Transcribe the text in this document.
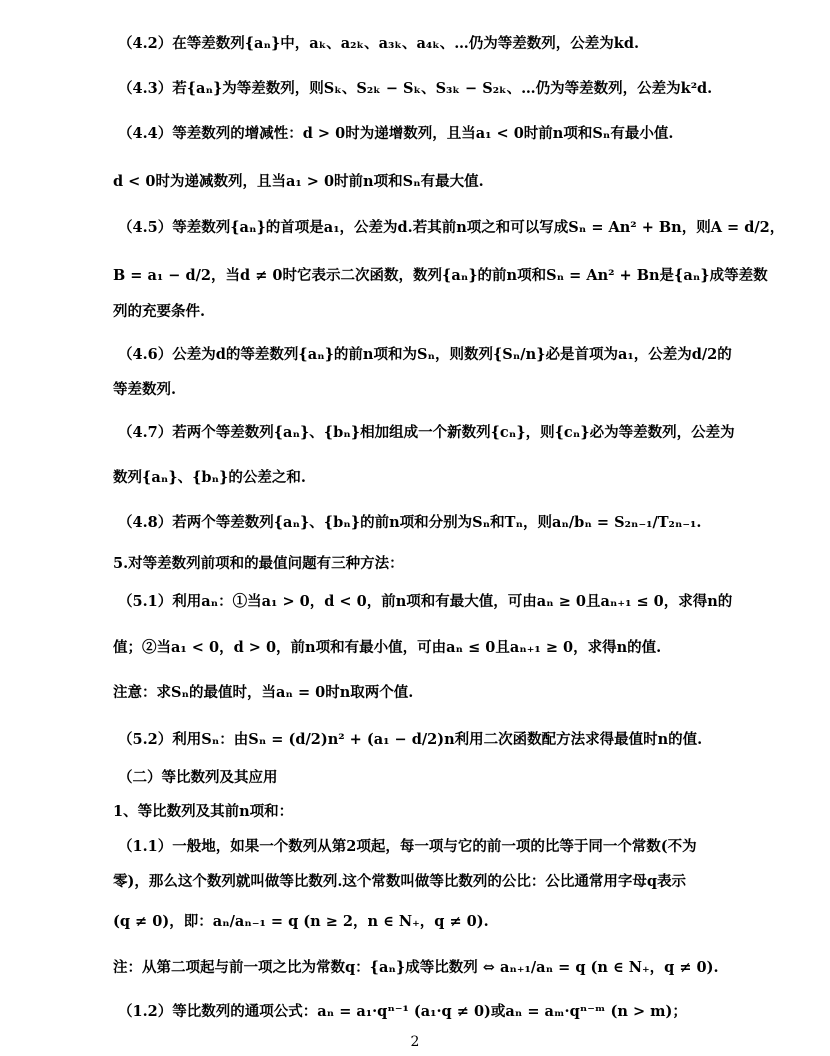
（4.2）在等差数列{aₙ}中，aₖ、a₂ₖ、a₃ₖ、a₄ₖ、…仍为等差数列，公差为kd.
（4.3）若{aₙ}为等差数列，则Sₖ、S₂ₖ − Sₖ、S₃ₖ − S₂ₖ、…仍为等差数列，公差为k²d.
（4.4）等差数列的增减性：d > 0时为递增数列，且当a₁ < 0时前n项和Sₙ有最小值.
d < 0时为递减数列，且当a₁ > 0时前n项和Sₙ有最大值.
（4.5）等差数列{aₙ}的首项是a₁，公差为d.若其前n项之和可以写成Sₙ = An² + Bn，则A = d/2，
B = a₁ − d/2，当d ≠ 0时它表示二次函数，数列{aₙ}的前n项和Sₙ = An² + Bn是{aₙ}成等差数
列的充要条件.
（4.6）公差为d的等差数列{aₙ}的前n项和为Sₙ，则数列{Sₙ/n}必是首项为a₁，公差为d/2的
等差数列.
（4.7）若两个等差数列{aₙ}、{bₙ}相加组成一个新数列{cₙ}，则{cₙ}必为等差数列，公差为
数列{aₙ}、{bₙ}的公差之和.
（4.8）若两个等差数列{aₙ}、{bₙ}的前n项和分别为Sₙ和Tₙ，则aₙ/bₙ = S₂ₙ₋₁/T₂ₙ₋₁.
5.对等差数列前项和的最值问题有三种方法：
（5.1）利用aₙ：①当a₁ > 0，d < 0，前n项和有最大值，可由aₙ ≥ 0且aₙ₊₁ ≤ 0，求得n的
值；②当a₁ < 0，d > 0，前n项和有最小值，可由aₙ ≤ 0且aₙ₊₁ ≥ 0，求得n的值.
注意：求Sₙ的最值时，当aₙ = 0时n取两个值.
（5.2）利用Sₙ：由Sₙ = (d/2)n² + (a₁ − d/2)n利用二次函数配方法求得最值时n的值.
（二）等比数列及其应用
1、等比数列及其前n项和：
（1.1）一般地，如果一个数列从第2项起，每一项与它的前一项的比等于同一个常数(不为
零)，那么这个数列就叫做等比数列.这个常数叫做等比数列的公比：公比通常用字母q表示
(q ≠ 0)，即：aₙ/aₙ₋₁ = q (n ≥ 2，n ∈ N₊，q ≠ 0).
注：从第二项起与前一项之比为常数q：{aₙ}成等比数列 ⇔ aₙ₊₁/aₙ = q (n ∈ N₊，q ≠ 0).
（1.2）等比数列的通项公式：aₙ = a₁·qⁿ⁻¹ (a₁·q ≠ 0)或aₙ = aₘ·qⁿ⁻ᵐ (n > m)；
2
